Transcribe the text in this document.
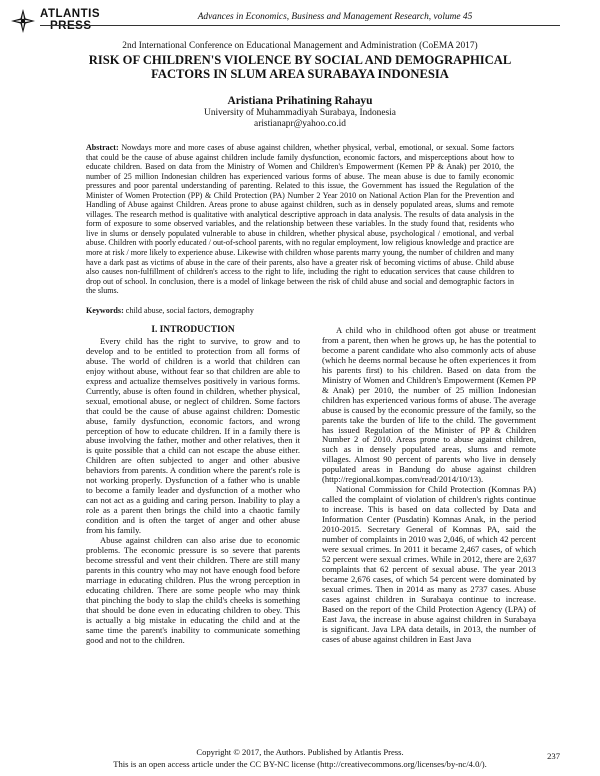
ATLANTIS
PRESS
Advances in Economics, Business and Management Research, volume 45
2nd International Conference on Educational Management and Administration (CoEMA 2017)
RISK OF CHILDREN'S VIOLENCE BY SOCIAL AND DEMOGRAPHICAL
FACTORS IN SLUM AREA SURABAYA INDONESIA
Aristiana Prihatining Rahayu
University of Muhammadiyah Surabaya, Indonesia
aristianapr@yahoo.co.id
Abstract: Nowdays more and more cases of abuse against children, whether physical, verbal, emotional, or sexual. Some factors that could be the cause of abuse against children include family dysfunction, economic factors, and misperceptions about how to educate children. Based on data from the Ministry of Women and Children's Empowerment (Kemen PP & Anak) per 2010, the number of 25 million Indonesian children has experienced various forms of abuse. The mean abuse is due to family economic pressures and poor parental understanding of parenting. Related to this issue, the Government has issued the Regulation of the Minister of Women Protection (PP) & Child Protection (PA) Number 2 Year 2010 on National Action Plan for the Prevention and Handling of Abuse against Children. Areas prone to abuse against children, such as in densely populated areas, slums and remote villages. The research method is qualitative with analytical descriptive approach in data analysis. The results of data analysis in the form of exposure to some observed variables, and the relationship between these variables. In the study found that, residents who live in slums or densely populated vulnerable to abuse in children, whether physical abuse, psychological / emotional, and verbal abuse. Children with poorly educated / out-of-school parents, with no regular employment, low religious knowledge and practice are more at risk / more likely to experience abuse. Likewise with children whose parents marry young, the number of children and many have a dark past as victims of abuse in the care of their parents, also have a greater risk of becoming victims of abuse. Child abuse also causes non-fulfillment of children's access to the right to life, including the right to education services that cause children to drop out of school. In conclusion, there is a model of linkage between the risk of child abuse and social and demographic factors in the slums.
Keywords: child abuse, social factors, demography
I. INTRODUCTION

Every child has the right to survive, to grow and to develop and to be entitled to protection from all forms of abuse. The world of children is a world that children can enjoy without abuse, without fear so that children are able to express and actualize themselves positively in various forms. Currently, abuse is often found in children, whether physical, sexual, emotional abuse, or neglect of children. Some factors that could be the cause of abuse against children: Domestic abuse, family dysfunction, economic factors, and wrong perception of how to educate children. If in a family there is abuse involving the father, mother and other relatives, then it is quite possible that a child can not escape the abuse either. Children are often subjected to anger and other abusive behaviors from parents. A condition where the parent's role is not working properly. Dysfunction of a father who is unable to become a family leader and dysfunction of a mother who can not act as a guiding and caring person. Inability to play a role as a parent then brings the child into a chaotic family condition and is often the target of anger and other abuse from his family.

Abuse against children can also arise due to economic problems. The economic pressure is so severe that parents become stressful and vent their children. There are still many parents in this country who may not have enough food before marriage in educating children. Plus the wrong perception in educating children. There are some people who may think that pinching the body to slap the child's cheeks is something that should be done even in educating children to obey. This is actually a big mistake in educating the child and at the same time the parent's inability to communicate something good and not to the children.

A child who in childhood often got abuse or treatment from a parent, then when he grows up, he has the potential to become a parent candidate who also commonly acts of abuse (which he deems normal because he often experiences it from his parents first) to his children. Based on data from the Ministry of Women and Children's Empowerment (Kemen PP & Anak) per 2010, the number of 25 million Indonesian children has experienced various forms of abuse. The average abuse is caused by the economic pressure of the family, so the parents take the burden of life to the child. The government has issued Regulation of the Minister of PP & Children Number 2 of 2010. Areas prone to abuse against children, such as in densely populated areas, slums and remote villages. Almost 90 percent of parents who live in densely populated areas in Bandung do abuse against children (http://regional.kompas.com/read/2014/10/13).

National Commission for Child Protection (Komnas PA) called the complaint of violation of children's rights continue to increase. This is based on data collected by Data and Information Center (Pusdatin) Komnas Anak, in the period 2010-2015. Secretary General of Komnas PA, said the number of complaints in 2010 was 2,046, of which 42 percent were sexual crimes. In 2011 it became 2,467 cases, of which 52 percent were sexual crimes. While in 2012, there are 2,637 complaints that 62 percent of sexual abuse. The year 2013 became 2,676 cases, of which 54 percent were dominated by sexual crimes. Then in 2014 as many as 2737 cases. Abuse cases against children in Surabaya continue to increase. Based on the report of the Child Protection Agency (LPA) of East Java, the increase in abuse against children in Surabaya is significant. Java LPA data details, in 2013, the number of cases of abuse against children in East Java

Copyright © 2017, the Authors. Published by Atlantis Press.
This is an open access article under the CC BY-NC license (http://creativecommons.org/licenses/by-nc/4.0/).
237
